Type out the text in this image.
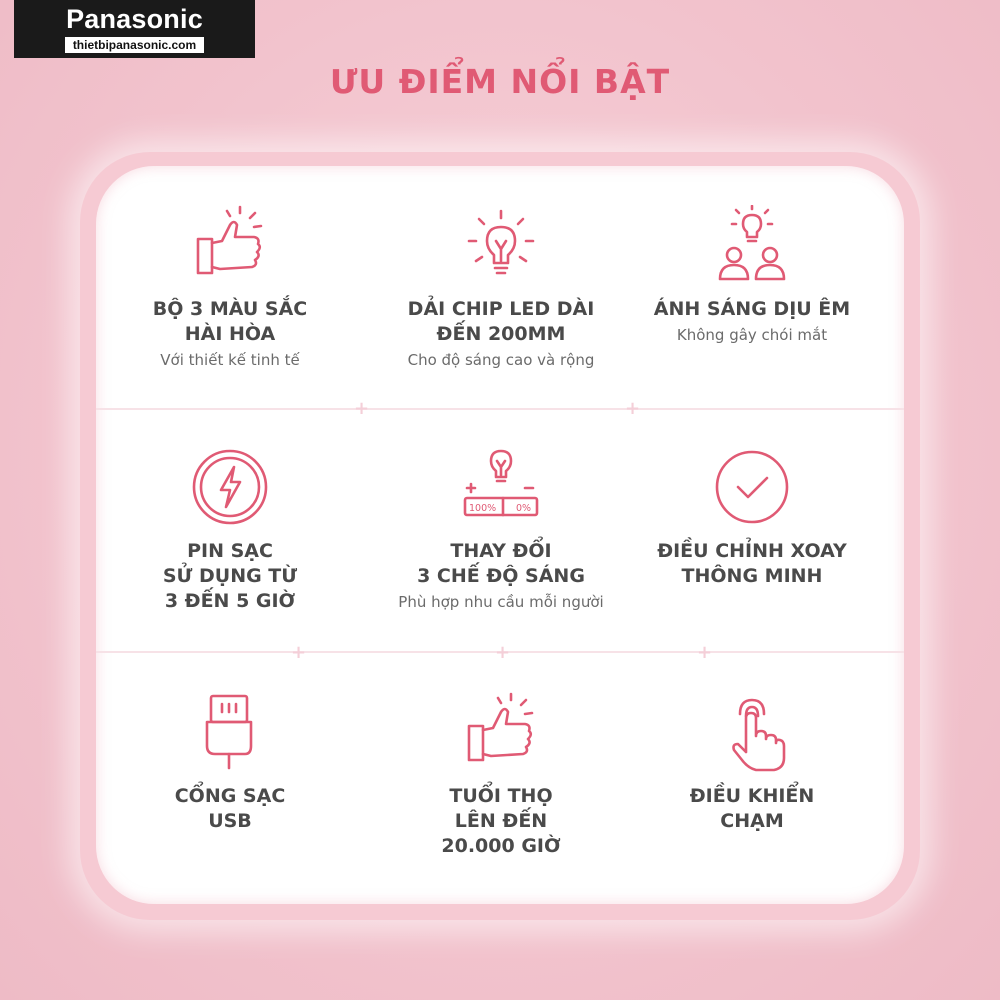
Panasonic
thietbipanasonic.com
ƯU ĐIỂM NỔI BẬT
+	+
+	+	+
BỘ 3 MÀU SẮC
HÀI HÒA
Với thiết kế tinh tế
DẢI CHIP LED DÀI
ĐẾN 200MM
Cho độ sáng cao và rộng
ÁNH SÁNG DỊU ÊM
Không gây chói mắt
PIN SẠC
SỬ DỤNG TỪ
3 ĐẾN 5 GIỜ
100% 0%
THAY ĐỔI
3 CHẾ ĐỘ SÁNG
Phù hợp nhu cầu mỗi người
ĐIỀU CHỈNH XOAY
THÔNG MINH
CỔNG SẠC
USB
TUỔI THỌ
LÊN ĐẾN
20.000 GIỜ
ĐIỀU KHIỂN
CHẠM
